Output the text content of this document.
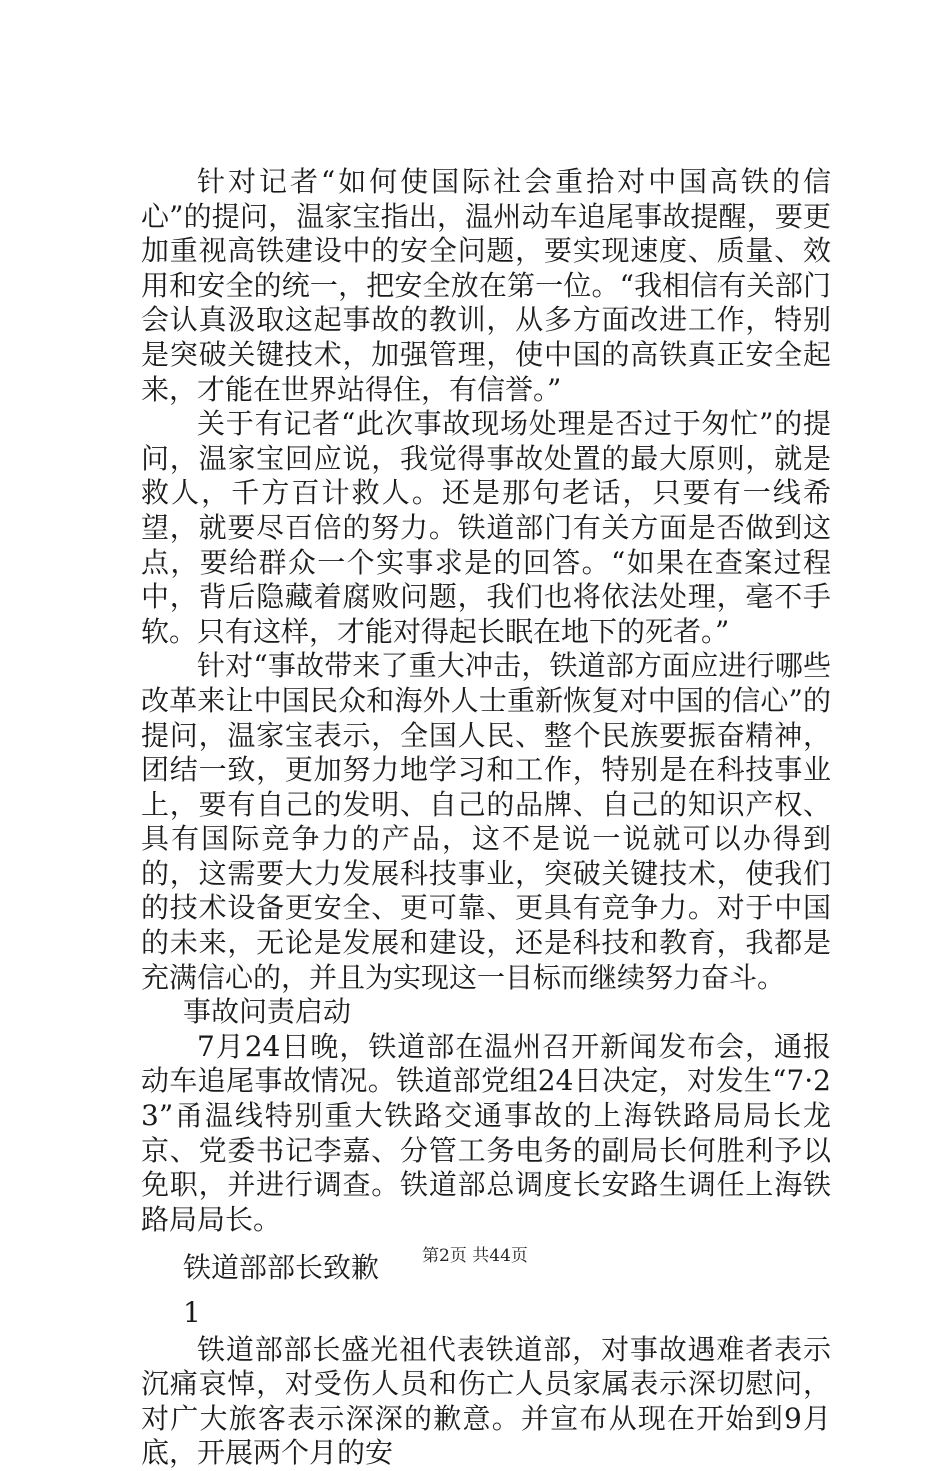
针对记者“如何使国际社会重拾对中国高铁的信心”的提问，温家宝指出，温州动车追尾事故提醒，要更加重视高铁建设中的安全问题，要实现速度、质量、效用和安全的统一，把安全放在第一位。“我相信有关部门会认真汲取这起事故的教训，从多方面改进工作，特别是突破关键技术，加强管理，使中国的高铁真正安全起来，才能在世界站得住，有信誉。”

关于有记者“此次事故现场处理是否过于匆忙”的提问，温家宝回应说，我觉得事故处置的最大原则，就是救人，千方百计救人。还是那句老话，只要有一线希望，就要尽百倍的努力。铁道部门有关方面是否做到这点，要给群众一个实事求是的回答。“如果在查案过程中，背后隐藏着腐败问题，我们也将依法处理，毫不手软。只有这样，才能对得起长眠在地下的死者。”

针对“事故带来了重大冲击，铁道部方面应进行哪些改革来让中国民众和海外人士重新恢复对中国的信心”的提问，温家宝表示，全国人民、整个民族要振奋精神，团结一致，更加努力地学习和工作，特别是在科技事业上，要有自己的发明、自己的品牌、自己的知识产权、具有国际竞争力的产品，这不是说一说就可以办得到的，这需要大力发展科技事业，突破关键技术，使我们的技术设备更安全、更可靠、更具有竞争力。对于中国的未来，无论是发展和建设，还是科技和教育，我都是充满信心的，并且为实现这一目标而继续努力奋斗。

事故问责启动

7月24日晚，铁道部在温州召开新闻发布会，通报动车追尾事故情况。铁道部党组24日决定，对发生“7·23”甬温线特别重大铁路交通事故的上海铁路局局长龙京、党委书记李嘉、分管工务电务的副局长何胜利予以免职，并进行调查。铁道部总调度长安路生调任上海铁路局局长。

铁道部部长致歉

1

铁道部部长盛光祖代表铁道部，对事故遇难者表示沉痛哀悼，对受伤人员和伤亡人员家属表示深切慰问，对广大旅客表示深深的歉意。并宣布从现在开始到9月底，开展两个月的安

第2页 共44页
